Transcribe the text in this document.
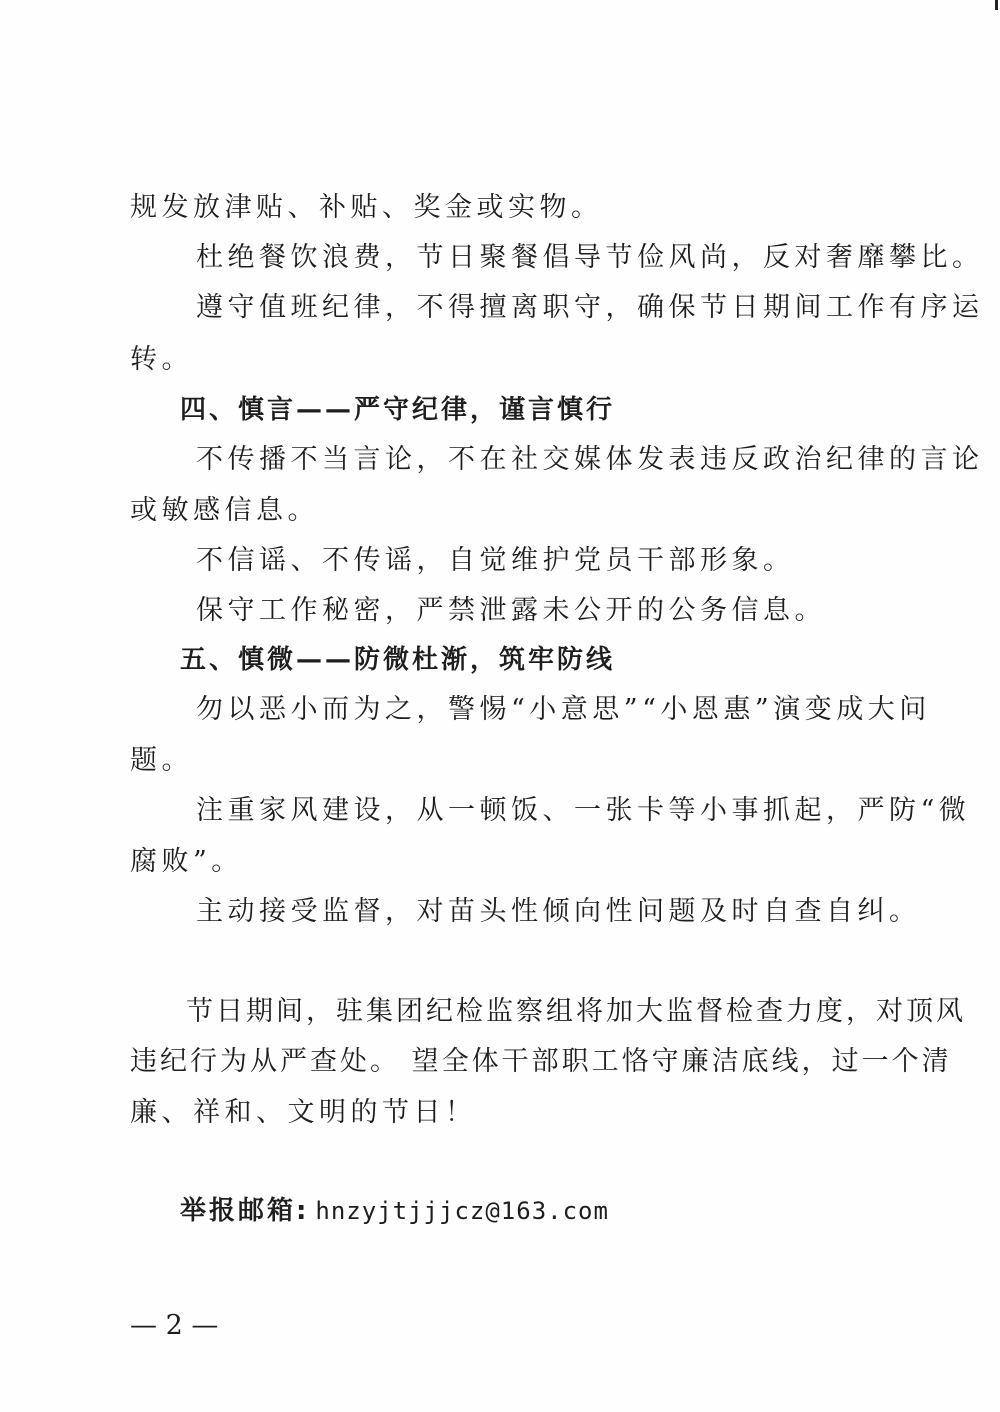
规发放津贴、补贴、奖金或实物。
杜绝餐饮浪费，节日聚餐倡导节俭风尚，反对奢靡攀比。
遵守值班纪律，不得擅离职守，确保节日期间工作有序运
转。
四、慎言——严守纪律，谨言慎行
不传播不当言论，不在社交媒体发表违反政治纪律的言论
或敏感信息。
不信谣、不传谣，自觉维护党员干部形象。
保守工作秘密，严禁泄露未公开的公务信息。
五、慎微——防微杜渐，筑牢防线
勿以恶小而为之，警惕“小意思”“小恩惠”演变成大问
题。
注重家风建设，从一顿饭、一张卡等小事抓起，严防“微
腐败”。
主动接受监督，对苗头性倾向性问题及时自查自纠。
节日期间，驻集团纪检监察组将加大监督检查力度，对顶风
违纪行为从严查处。 望全体干部职工恪守廉洁底线，过一个清
廉、祥和、文明的节日！
举报邮箱: hnzyjtjjjcz@163.com
— 2 —
